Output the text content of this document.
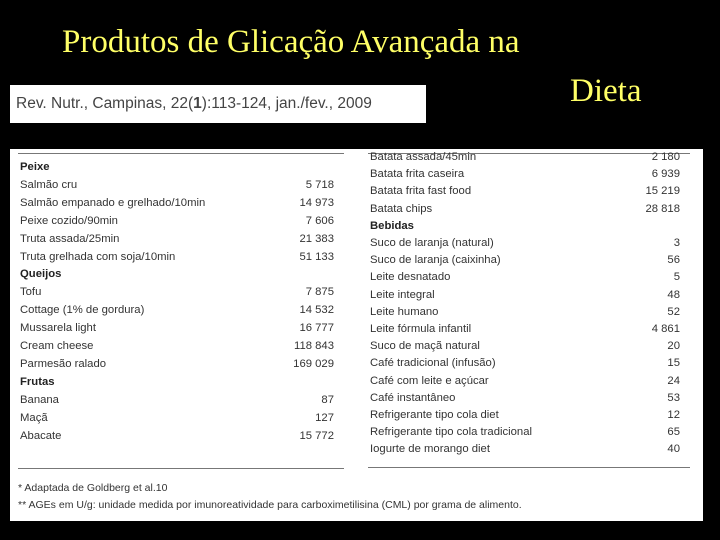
Produtos de Glicação Avançada na
Dieta
Rev. Nutr., Campinas, 22(1):113-124, jan./fev., 2009
Peixe
Salmão cru	5 718
Salmão empanado e grelhado/10min	14 973
Peixe cozido/90min	7 606
Truta assada/25min	21 383
Truta grelhada com soja/10min	51 133
Queijos
Tofu	7 875
Cottage (1% de gordura)	14 532
Mussarela light	16 777
Cream cheese	118 843
Parmesão ralado	169 029
Frutas
Banana	87
Maçã	127
Abacate	15 772
Batata assada/45min	2 180
Batata frita caseira	6 939
Batata frita fast food	15 219
Batata chips	28 818
Bebidas
Suco de laranja (natural)	3
Suco de laranja (caixinha)	56
Leite desnatado	5
Leite integral	48
Leite humano	52
Leite fórmula infantil	4 861
Suco de maçã natural	20
Café tradicional (infusão)	15
Café com leite e açúcar	24
Café instantâneo	53
Refrigerante tipo cola diet	12
Refrigerante tipo cola tradicional	65
Iogurte de morango diet	40
* Adaptada de Goldberg et al.10
** AGEs em U/g: unidade medida por imunoreatividade para carboximetilisina (CML) por grama de alimento.
